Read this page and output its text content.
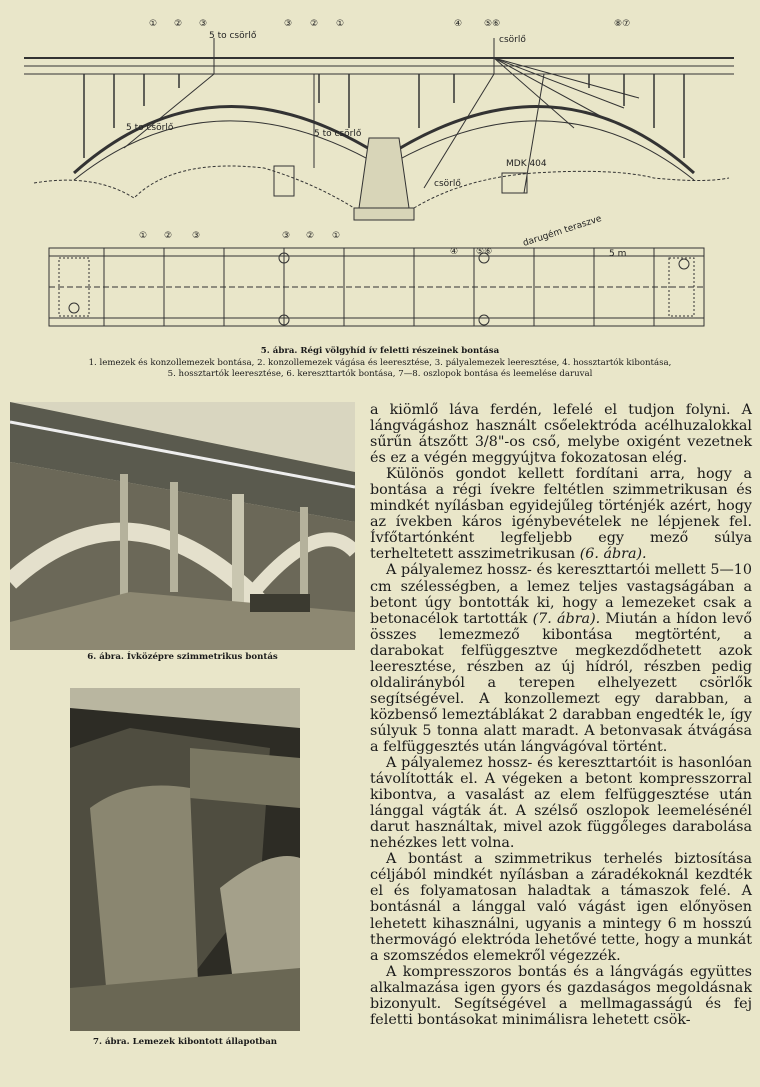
① ② ③	③ ② ①	④ ⑤⑥	⑧⑦
5 to csörlő	csörlő
5 to csörlő
5 to csörlő
csörlő
MDK 404
darugém teraszve
5 m
① ② ③	③ ② ①
④ ⑤⑥
5. ábra. Régi völgyhíd ív feletti részeinek bontása
1. lemezek és konzollemezek bontása, 2. konzollemezek vágása és leeresztése, 3. pályalemezek leeresztése, 4. hossztartók kibontása,
5. hossztartók leeresztése, 6. kereszttartók bontása, 7—8. oszlopok bontása és leemelése daruval
6. ábra. Ívközépre szimmetrikus bontás
7. ábra. Lemezek kibontott állapotban

a kiömlő láva ferdén, lefelé el tudjon folyni. A lángvágáshoz használt csőelektróda acélhuzalokkal sűrűn átszőtt 3/8"-os cső, melybe oxigént vezetnek és ez a végén meggyújtva fokozatosan elég.

Különös gondot kellett fordítani arra, hogy a bontása a régi ívekre feltétlen szimmetrikusan és mindkét nyílásban egyidejűleg történjék azért, hogy az ívekben káros igénybevételek ne lépjenek fel. Ívfőtartónként legfeljebb egy mező súlya terheltetett asszimetrikusan (6. ábra).

A pályalemez hossz- és kereszttartói mellett 5—10 cm szélességben, a lemez teljes vastagságában a betont úgy bontották ki, hogy a lemezeket csak a betonacélok tartották (7. ábra). Miután a hídon levő összes lemezmező kibontása megtörtént, a darabokat felfüggesztve megkezdődhetett azok leeresztése, részben az új hídról, részben pedig oldalirányból a terepen elhelyezett csörlők segítségével. A konzollemezt egy darabban, a közbenső lemeztáblákat 2 darabban engedték le, így súlyuk 5 tonna alatt maradt. A betonvasak átvágása a felfüggesztés után lángvágóval történt.

A pályalemez hossz- és kereszttartóit is hasonlóan távolították el. A végeken a betont kompresszorral kibontva, a vasalást az elem felfüggesztése után lánggal vágták át. A szélső oszlopok leemelésénél darut használtak, mivel azok függőleges darabolása nehézkes lett volna.

A bontást a szimmetrikus terhelés biztosítása céljából mindkét nyílásban a záradékoknál kezdték el és folyamatosan haladtak a támaszok felé. A bontásnál a lánggal való vágást igen előnyösen lehetett kihasználni, ugyanis a mintegy 6 m hosszú thermovágó elektróda lehetővé tette, hogy a munkát a szomszédos elemekről végezzék.

A kompresszoros bontás és a lángvágás együttes alkalmazása igen gyors és gazdaságos megoldásnak bizonyult. Segítségével a mellmagasságú és fej feletti bontásokat minimálisra lehetett csök-
